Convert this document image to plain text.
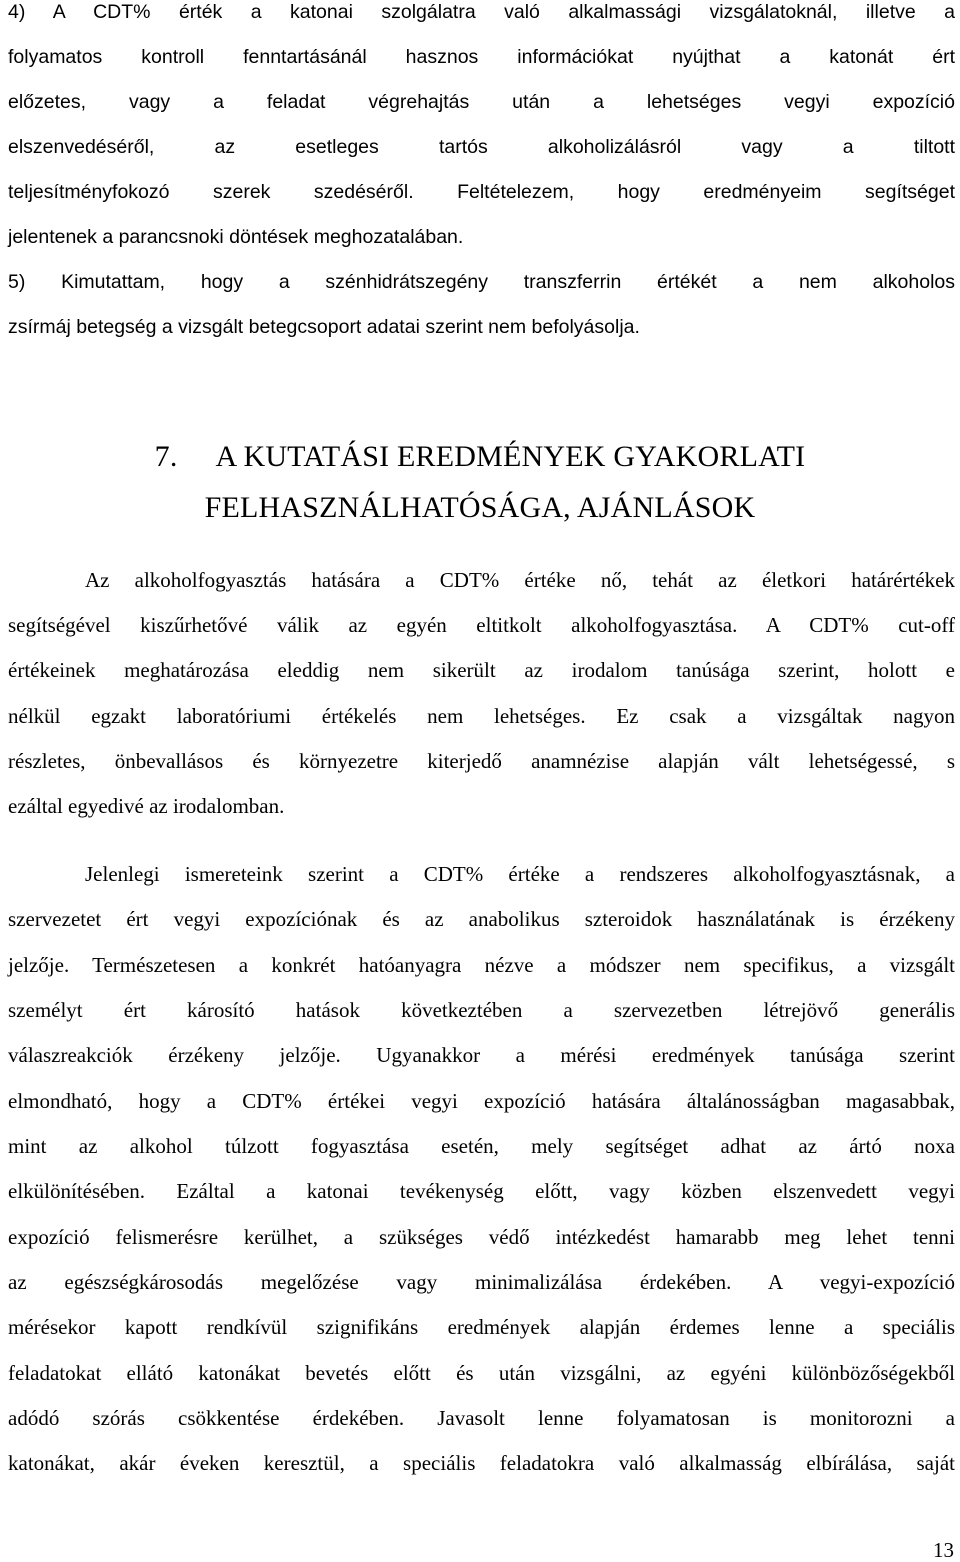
4) A CDT% érték a katonai szolgálatra való alkalmassági vizsgálatoknál, illetve a
folyamatos kontroll fenntartásánál hasznos információkat nyújthat a katonát ért
előzetes, vagy a feladat végrehajtás után a lehetséges vegyi expozíció
elszenvedéséről, az esetleges tartós alkoholizálásról vagy a tiltott
teljesítményfokozó szerek szedéséről. Feltételezem, hogy eredményeim segítséget
jelentenek a parancsnoki döntések meghozatalában.
5) Kimutattam, hogy a szénhidrátszegény transzferrin értékét a nem alkoholos
zsírmáj betegség a vizsgált betegcsoport adatai szerint nem befolyásolja.
7. A KUTATÁSI EREDMÉNYEK GYAKORLATI
FELHASZNÁLHATÓSÁGA, AJÁNLÁSOK
Az alkoholfogyasztás hatására a CDT% értéke nő, tehát az életkori határértékek
segítségével kiszűrhetővé válik az egyén eltitkolt alkoholfogyasztása. A CDT% cut-off
értékeinek meghatározása eleddig nem sikerült az irodalom tanúsága szerint, holott e
nélkül egzakt laboratóriumi értékelés nem lehetséges. Ez csak a vizsgáltak nagyon
részletes, önbevallásos és környezetre kiterjedő anamnézise alapján vált lehetségessé, s
ezáltal egyedivé az irodalomban.
Jelenlegi ismereteink szerint a CDT% értéke a rendszeres alkoholfogyasztásnak, a
szervezetet ért vegyi expozíciónak és az anabolikus szteroidok használatának is érzékeny
jelzője. Természetesen a konkrét hatóanyagra nézve a módszer nem specifikus, a vizsgált
személyt ért károsító hatások következtében a szervezetben létrejövő generális
válaszreakciók érzékeny jelzője. Ugyanakkor a mérési eredmények tanúsága szerint
elmondható, hogy a CDT% értékei vegyi expozíció hatására általánosságban magasabbak,
mint az alkohol túlzott fogyasztása esetén, mely segítséget adhat az ártó noxa
elkülönítésében. Ezáltal a katonai tevékenység előtt, vagy közben elszenvedett vegyi
expozíció felismerésre kerülhet, a szükséges védő intézkedést hamarabb meg lehet tenni
az egészségkárosodás megelőzése vagy minimalizálása érdekében. A vegyi-expozíció
mérésekor kapott rendkívül szignifikáns eredmények alapján érdemes lenne a speciális
feladatokat ellátó katonákat bevetés előtt és után vizsgálni, az egyéni különbözőségekből
adódó szórás csökkentése érdekében. Javasolt lenne folyamatosan is monitorozni a
katonákat, akár éveken keresztül, a speciális feladatokra való alkalmasság elbírálása, saját
13
